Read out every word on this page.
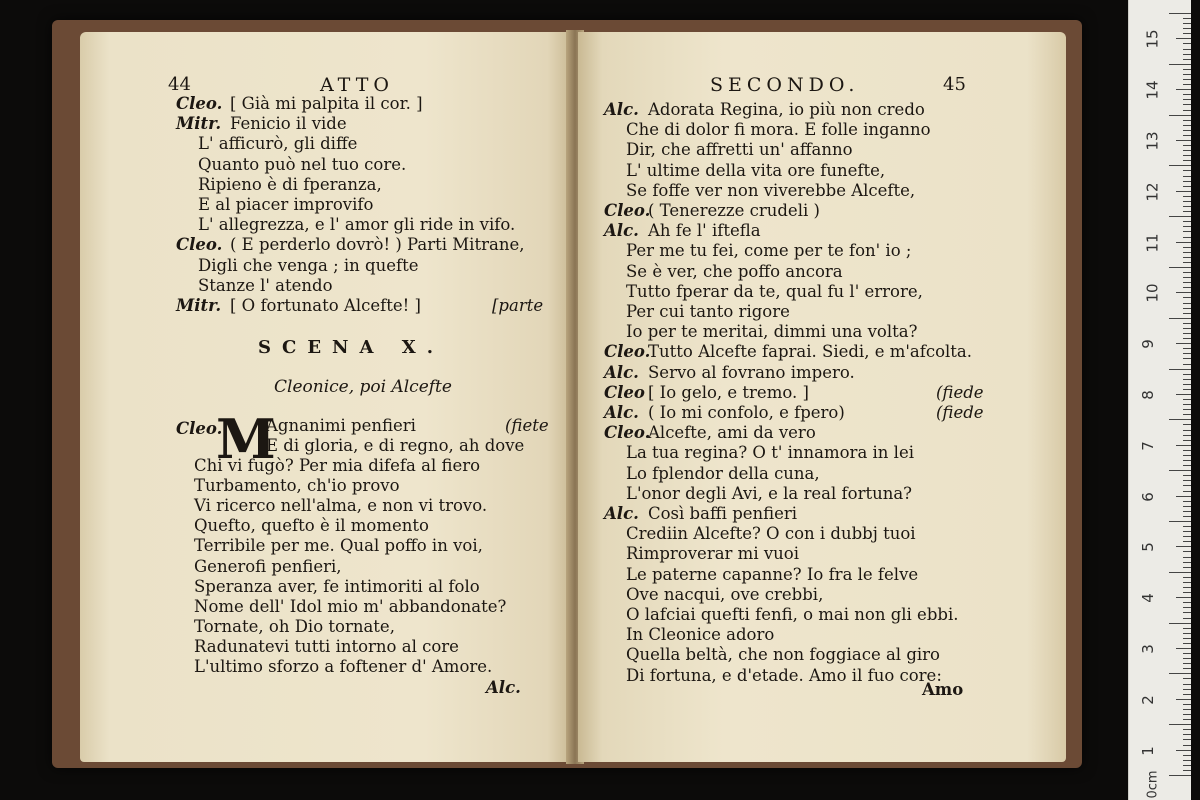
44	ATTO
Cleo. [ Già mi palpita il cor. ]
Mitr. Fenicio il vide
L' afficurò, gli diffe
Quanto può nel tuo core.
Ripieno è di fperanza,
E al piacer improvifo
L' allegrezza, e l' amor gli ride in vifo.
Cleo. ( E perderlo dovrò! ) Parti Mitrane,
Digli che venga ; in quefte
Stanze l' atendo
Mitr. [ O fortunato Alcefte! ]	[parte
SCENA X.
Cleonice, poi Alcefte
Cleo.
M
Agnanimi penfieri	(fiete
E di gloria, e di regno, ah dove
Chi vi fugò? Per mia difefa al fiero
Turbamento, ch'io provo
Vi ricerco nell'alma, e non vi trovo.
Quefto, quefto è il momento
Terribile per me. Qual poffo in voi,
Generofi penfieri,
Speranza aver, fe intimoriti al folo
Nome dell' Idol mio m' abbandonate?
Tornate, oh Dio tornate,
Radunatevi tutti intorno al core
L'ultimo sforzo a foftener d' Amore.
Alc.
SECONDO.	45
Alc. Adorata Regina, io più non credo
Che di dolor fi mora. E folle inganno
Dir, che affretti un' affanno
L' ultime della vita ore funefte,
Se foffe ver non viverebbe Alcefte,
Cleo.
( Tenerezze crudeli )
Alc. Ah fe l' iftefla
Per me tu fei, come per te fon' io ;
Se è ver, che poffo ancora
Tutto fperar da te, qual fu l' errore,
Per cui tanto rigore
Io per te meritai, dimmi una volta?
Cleo.
Tutto Alcefte faprai. Siedi, e m'afcolta.
Alc. Servo al fovrano impero.
Cleo [ Io gelo, e tremo. ]	(fiede
Alc. ( Io mi confolo, e fpero)	(fiede
Cleo.
Alcefte, ami da vero
La tua regina? O t' innamora in lei
Lo fplendor della cuna,
L'onor degli Avi, e la real fortuna?
Alc. Così baffi penfieri
Crediin Alcefte? O con i dubbj tuoi
Rimproverar mi vuoi
Le paterne capanne? Io fra le felve
Ove nacqui, ove crebbi,
O lafciai quefti fenfi, o mai non gli ebbi.
In Cleonice adoro
Quella beltà, che non foggiace al giro
Di fortuna, e d'etade. Amo il fuo core:
Amo
0cm
15
14
13
12
11
10
9
8
7
6
5
4
3
2
1
